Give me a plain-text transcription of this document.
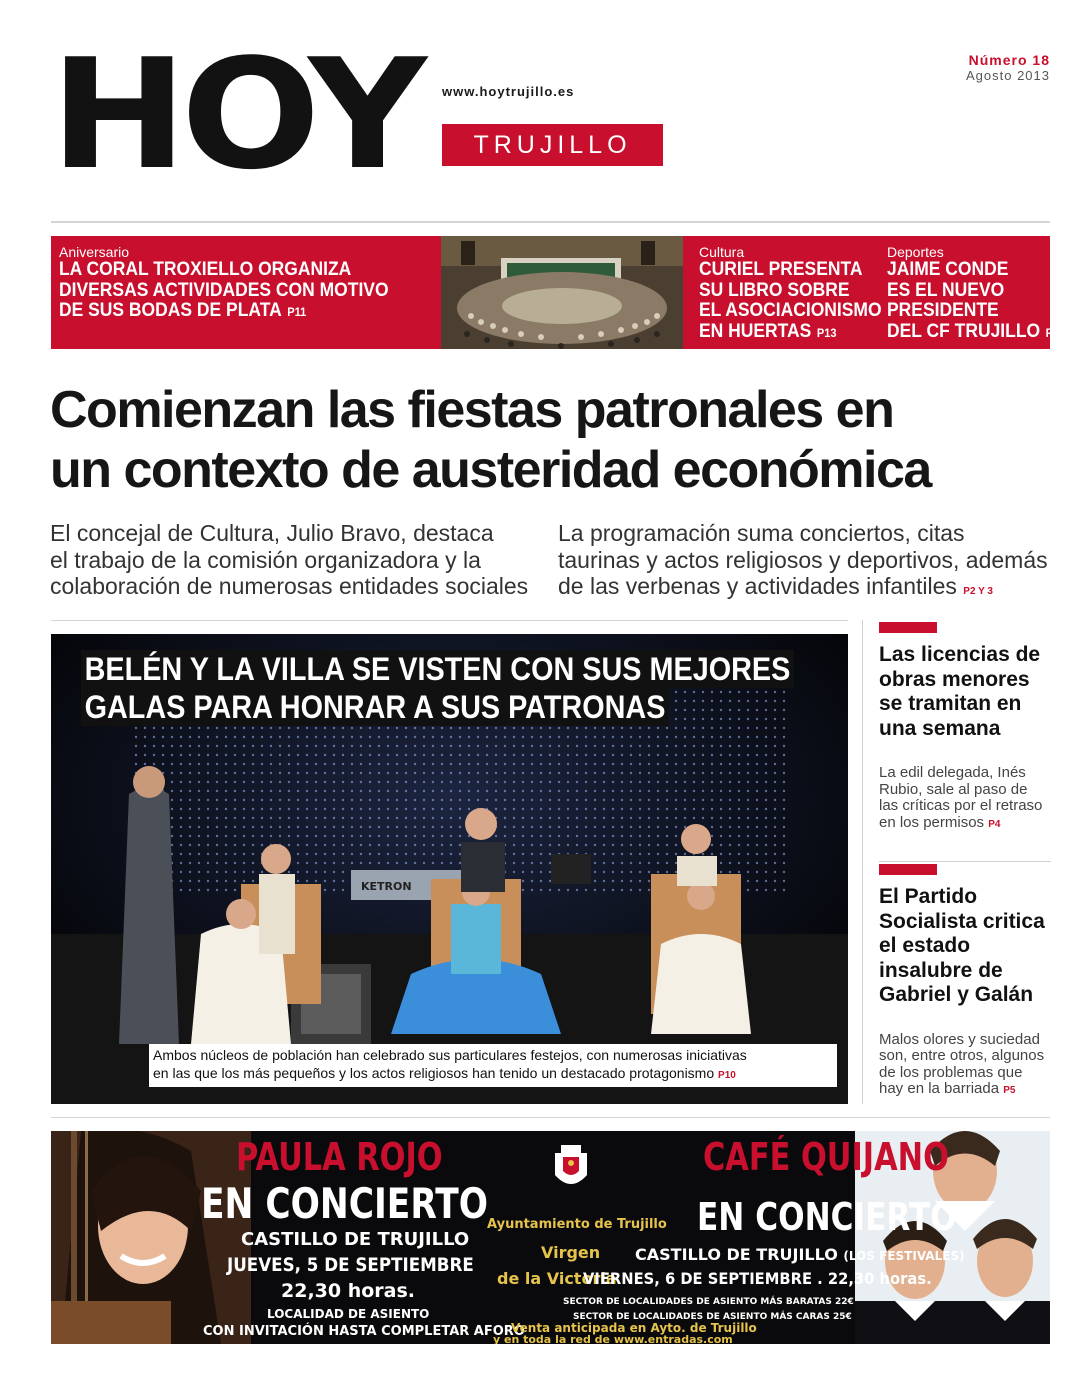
HOY www.hoytrujillo.es
TRUJILLO
Número 18
Agosto 2013
Aniversario
LA CORAL TROXIELLO ORGANIZA
DIVERSAS ACTIVIDADES CON MOTIVO
DE SUS BODAS DE PLATA P11
Cultura
CURIEL PRESENTA
SU LIBRO SOBRE
EL ASOCIACIONISMO
EN HUERTAS P13
Deportes
JAIME CONDE
ES EL NUEVO
PRESIDENTE
DEL CF TRUJILLO P15
Comienzan las fiestas patronales en
un contexto de austeridad económica
El concejal de Cultura, Julio Bravo, destaca
el trabajo de la comisión organizadora y la
colaboración de numerosas entidades sociales
La programación suma conciertos, citas
taurinas y actos religiosos y deportivos, además
de las verbenas y actividades infantiles P2 Y 3
KETRON
BELÉN Y LA VILLA SE VISTEN CON SUS MEJORES
GALAS PARA HONRAR A SUS PATRONAS
Ambos núcleos de población han celebrado sus particulares festejos, con numerosas iniciativas
en las que los más pequeños y los actos religiosos han tenido un destacado protagonismo P10
Las licencias de
obras menores
se tramitan en
una semana
La edil delegada, Inés
Rubio, sale al paso de
las críticas por el retraso
en los permisos P4
El Partido
Socialista critica
el estado
insalubre de
Gabriel y Galán
Malos olores y suciedad
son, entre otros, algunos
de los problemas que
hay en la barriada P5
PAULA ROJO
EN CONCIERTO
CASTILLO DE TRUJILLO
JUEVES, 5 DE SEPTIEMBRE
22,30 horas.
LOCALIDAD DE ASIENTO
CON INVITACIÓN HASTA COMPLETAR AFORO
Ayuntamiento de Trujillo
Virgen
de la Victoria
CAFÉ QUIJANO
EN CONCIERTO
CASTILLO DE TRUJILLO (LOS FESTIVALES)
VIERNES, 6 DE SEPTIEMBRE . 22,30 horas.
SECTOR DE LOCALIDADES DE ASIENTO MÁS BARATAS 22€
SECTOR DE LOCALIDADES DE ASIENTO MÁS CARAS 25€
Venta anticipada en Ayto. de Trujillo
y en toda la red de www.entradas.com
